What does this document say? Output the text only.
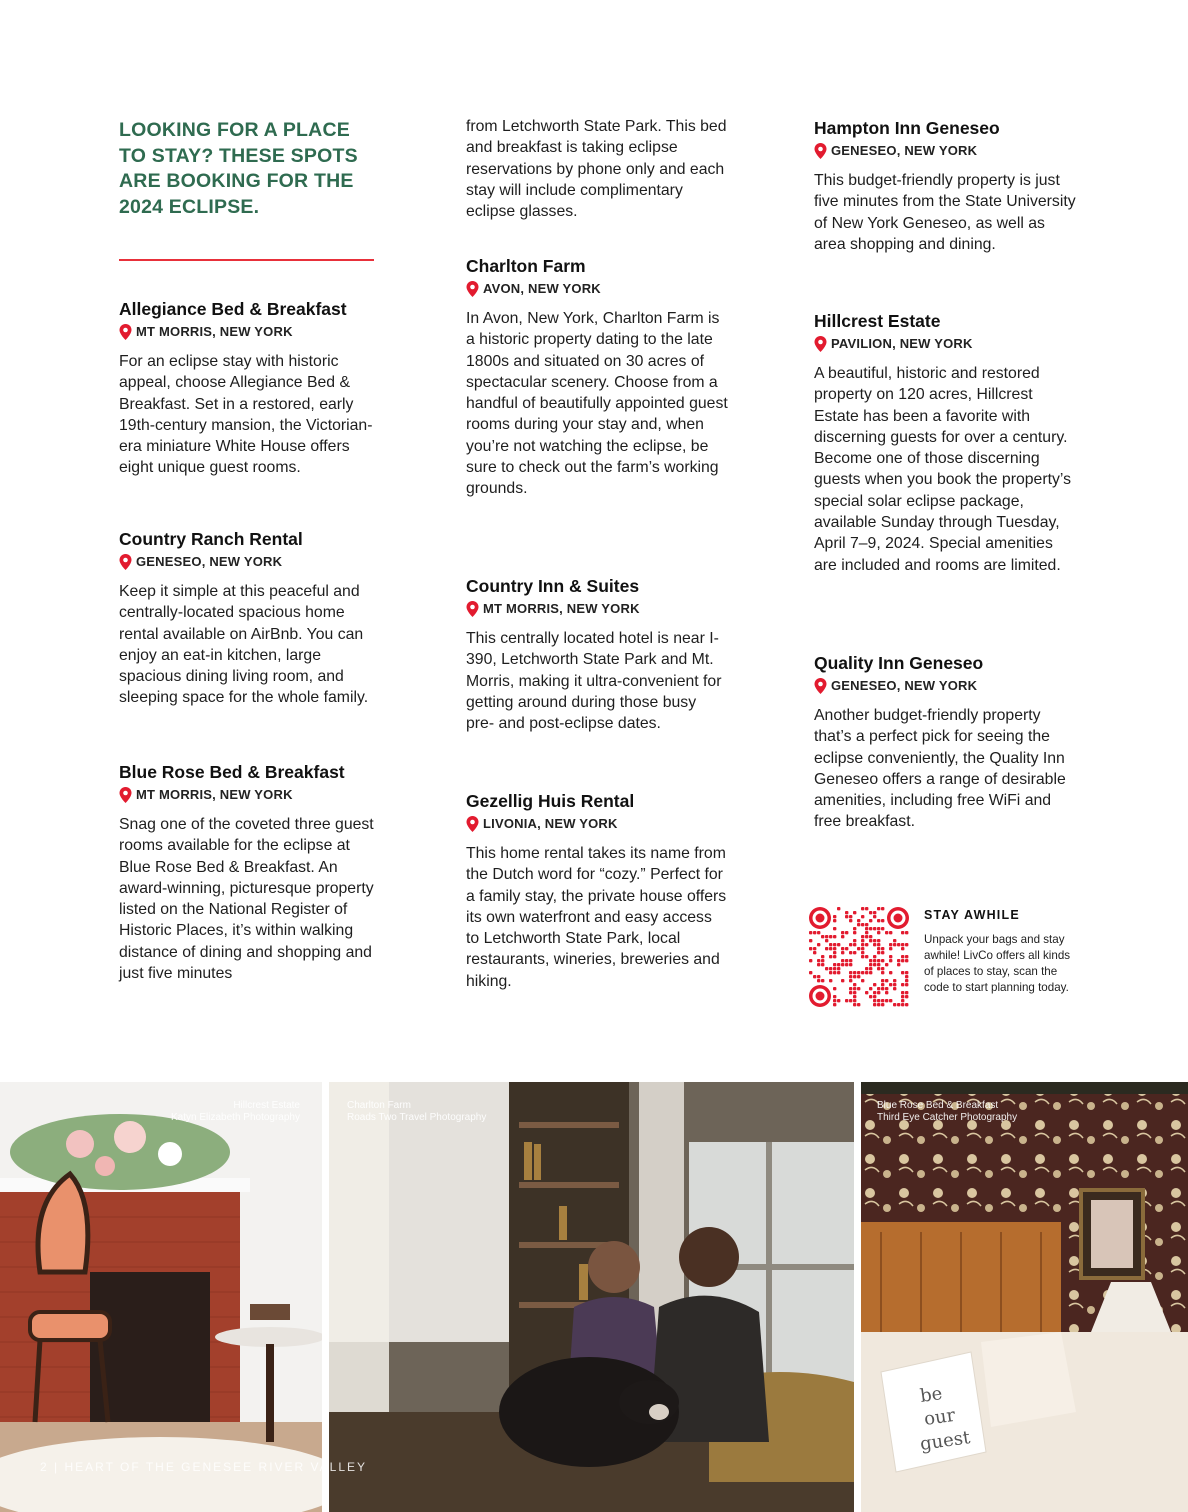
LOOKING FOR A PLACE TO STAY? THESE SPOTS ARE BOOKING FOR THE 2024 ECLIPSE.
Allegiance Bed & Breakfast
MT MORRIS, NEW YORK

For an eclipse stay with historic appeal, choose Allegiance Bed & Breakfast. Set in a restored, early 19th-century mansion, the Victorian-era miniature White House offers eight unique guest rooms.

Country Ranch Rental
GENESEO, NEW YORK

Keep it simple at this peaceful and centrally-located spacious home rental available on AirBnb. You can enjoy an eat-in kitchen, large spacious dining living room, and sleeping space for the whole family.

Blue Rose Bed & Breakfast
MT MORRIS, NEW YORK

Snag one of the coveted three guest rooms available for the eclipse at Blue Rose Bed & Breakfast. An award-winning, picturesque property listed on the National Register of Historic Places, it’s within walking distance of dining and shopping and just five minutes

from Letchworth State Park. This bed and breakfast is taking eclipse reservations by phone only and each stay will include complimentary eclipse glasses.

Charlton Farm
AVON, NEW YORK

In Avon, New York, Charlton Farm is a historic property dating to the late 1800s and situated on 30 acres of spectacular scenery. Choose from a handful of beautifully appointed guest rooms during your stay and, when you’re not watching the eclipse, be sure to check out the farm’s working grounds.

Country Inn & Suites
MT MORRIS, NEW YORK

This centrally located hotel is near I-390, Letchworth State Park and Mt. Morris, making it ultra-convenient for getting around during those busy pre- and post-eclipse dates.

Gezellig Huis Rental
LIVONIA, NEW YORK

This home rental takes its name from the Dutch word for “cozy.” Perfect for a family stay, the private house offers its own waterfront and easy access to Letchworth State Park, local restaurants, wineries, breweries and hiking.

Hampton Inn Geneseo
GENESEO, NEW YORK

This budget-friendly property is just five minutes from the State University of New York Geneseo, as well as area shopping and dining.

Hillcrest Estate
PAVILION, NEW YORK

A beautiful, historic and restored property on 120 acres, Hillcrest Estate has been a favorite with discerning guests for over a century. Become one of those discerning guests when you book the property’s special solar eclipse package, available Sunday through Tuesday, April 7–9, 2024. Special amenities are included and rooms are limited.

Quality Inn Geneseo
GENESEO, NEW YORK

Another budget-friendly property that’s a perfect pick for seeing the eclipse conveniently, the Quality Inn Geneseo offers a range of desirable amenities, including free WiFi and free breakfast.

STAY AWHILE
Unpack your bags and stay awhile! LivCo offers all kinds of places to stay, scan the code to start planning today.
Hillcrest Estate
Katyn Elizabeth Photography
Charlton Farm
Roads Two Travel Photography
be
our
guest
Blue Rose Bed & Breakfast
Third Eye Catcher Photography
2 | HEART OF THE GENESEE RIVER VALLEY
